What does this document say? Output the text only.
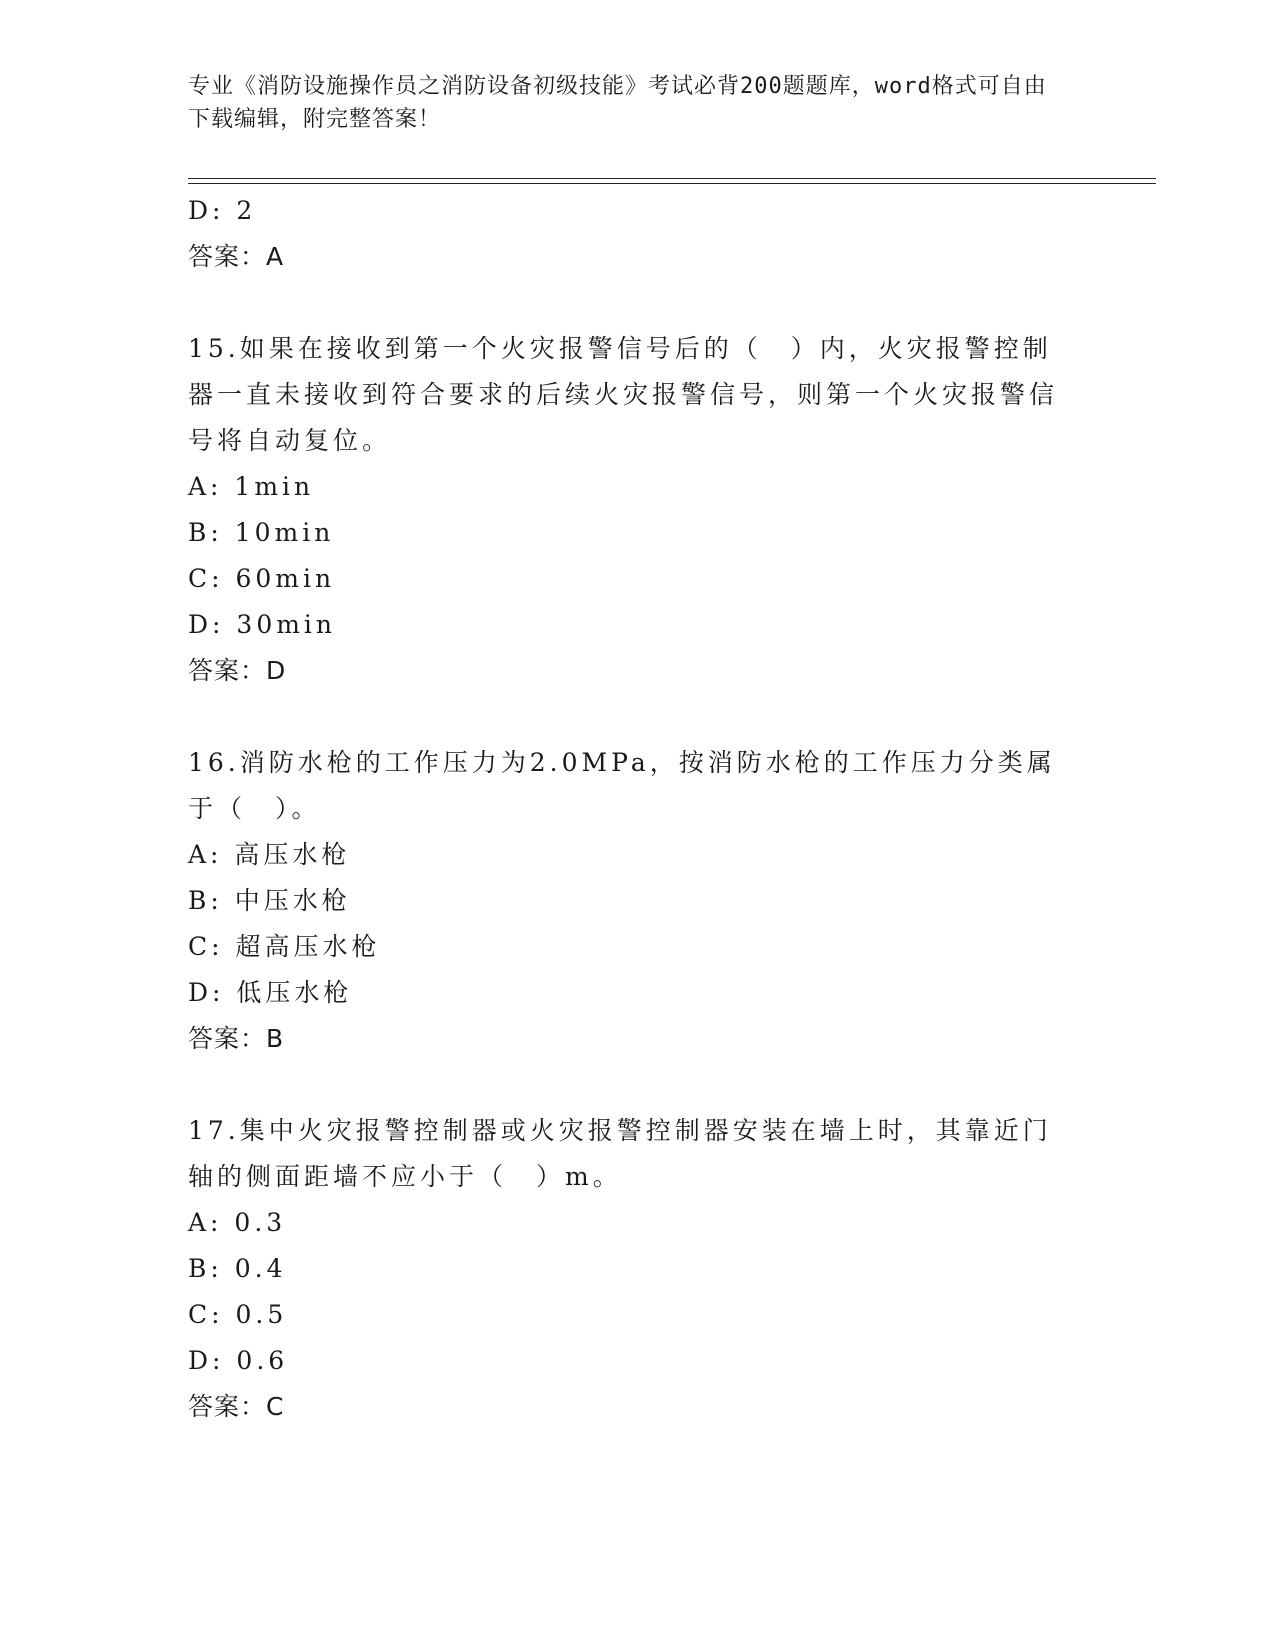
专业《消防设施操作员之消防设备初级技能》考试必背200题题库，word格式可自由下载编辑，附完整答案！
D: 2
答案：A
15.如果在接收到第一个火灾报警信号后的（　）内，火灾报警控制器一直未接收到符合要求的后续火灾报警信号，则第一个火灾报警信号将自动复位。
A: 1min
B: 10min
C: 60min
D: 30min
答案：D
16.消防水枪的工作压力为2.0MPa，按消防水枪的工作压力分类属于（　）。
A: 高压水枪
B: 中压水枪
C: 超高压水枪
D: 低压水枪
答案：B
17.集中火灾报警控制器或火灾报警控制器安装在墙上时，其靠近门轴的侧面距墙不应小于（　）m。
A: 0.3
B: 0.4
C: 0.5
D: 0.6
答案：C
